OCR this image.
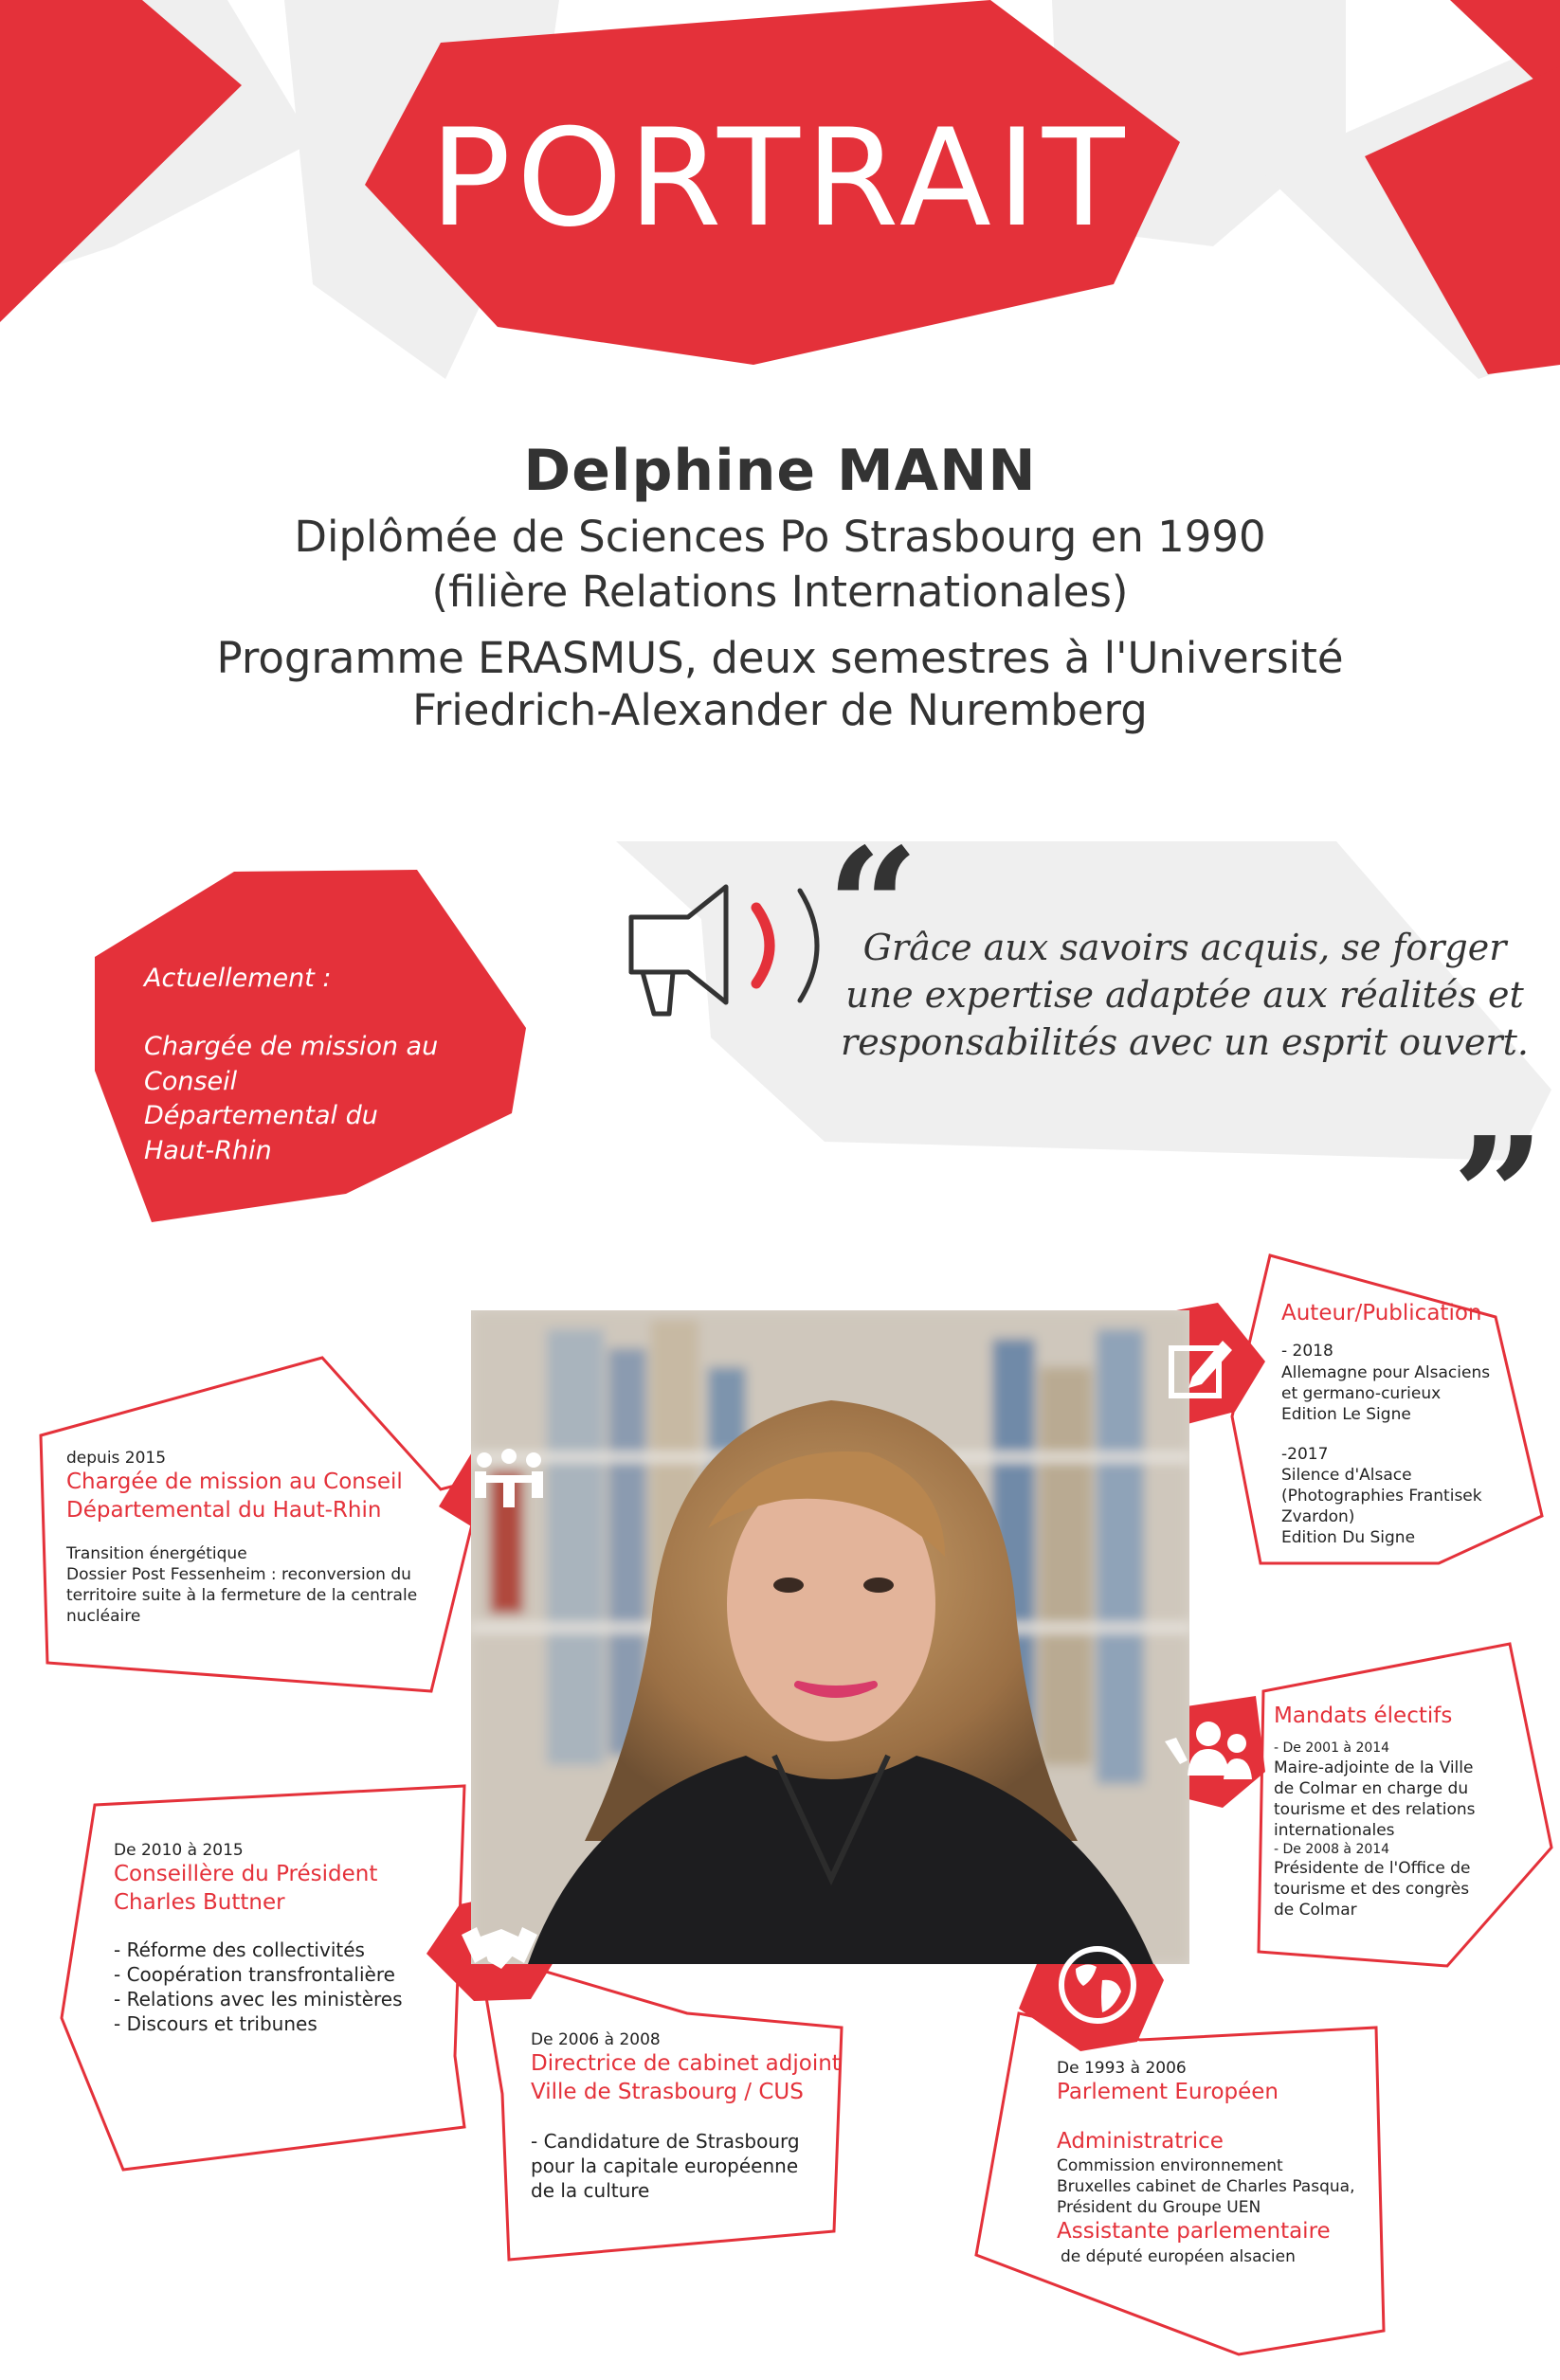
PORTRAIT
Delphine MANN
Diplômée de Sciences Po Strasbourg en 1990
(filière Relations Internationales)
Programme ERASMUS, deux semestres à l'Université
Friedrich-Alexander de Nuremberg
“
Grâce aux savoirs acquis, se forger
une expertise adaptée aux réalités et
responsabilités avec un esprit ouvert.
”
Actuellement :
Chargée de mission au
Conseil
Départemental du
Haut-Rhin
depuis 2015
Chargée de mission au Conseil
Départemental du Haut-Rhin
Transition énergétique
Dossier Post Fessenheim : reconversion du
territoire suite à la fermeture de la centrale
nucléaire
Auteur/Publication
- 2018
Allemagne pour Alsaciens
et germano-curieux
Edition Le Signe
-2017
Silence d'Alsace
(Photographies Frantisek
Zvardon)
Edition Du Signe
Mandats électifs
- De 2001 à 2014
Maire-adjointe de la Ville
de Colmar en charge du
tourisme et des relations
internationales
- De 2008 à 2014
Présidente de l'Office de
tourisme et des congrès
de Colmar
De 2010 à 2015
Conseillère du Président
Charles Buttner
- Réforme des collectivités
- Coopération transfrontalière
- Relations avec les ministères
- Discours et tribunes
De 2006 à 2008
Directrice de cabinet adjoint
Ville de Strasbourg / CUS
- Candidature de Strasbourg
pour la capitale européenne
de la culture
De 1993 à 2006
Parlement Européen
Administratrice
Commission environnement
Bruxelles cabinet de Charles Pasqua,
Président du Groupe UEN
Assistante parlementaire
de député européen alsacien
